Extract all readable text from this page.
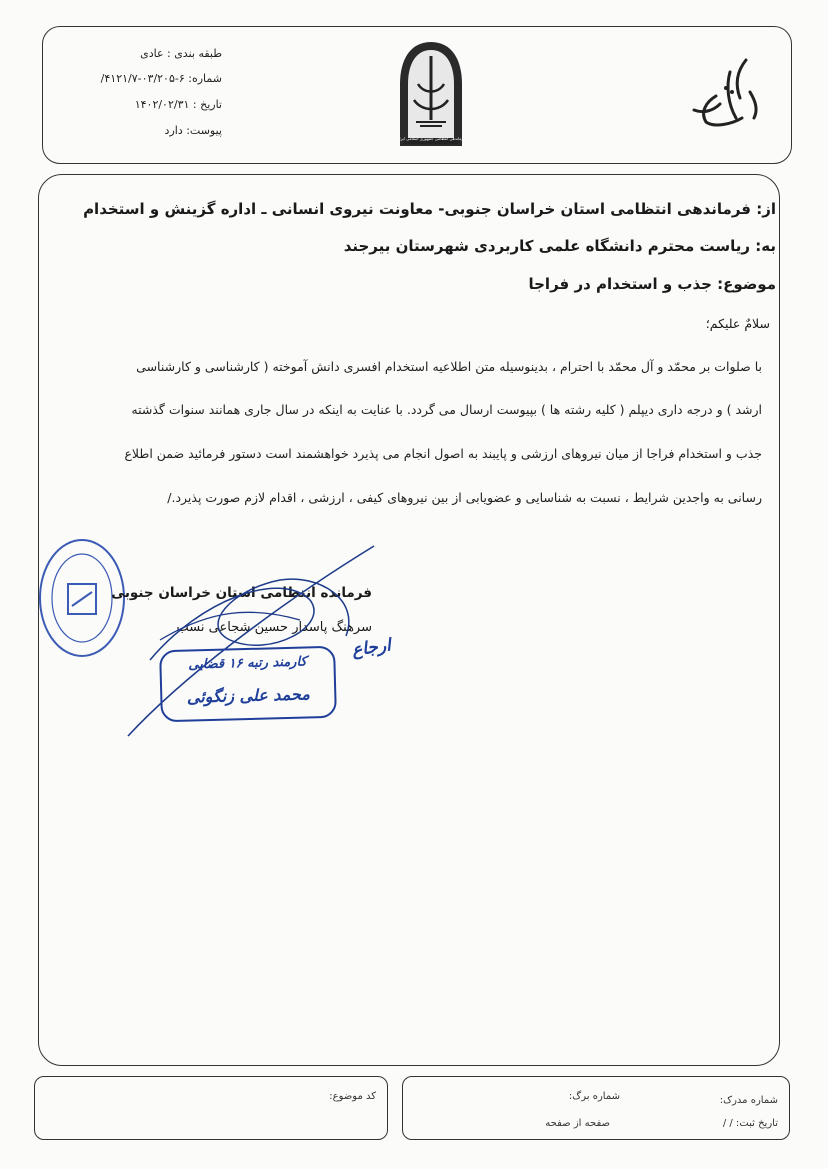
فرماندهی انتظامی جمهوری اسلامی ایران
طبقه بندی : عادی
شماره: ۶-۰۳/۲۰۵-۴۱۲۱/۷/
تاریخ : ۱۴۰۲/۰۲/۳۱
پیوست: دارد
از: فرماندهی انتظامی استان خراسان جنوبی- معاونت نیروی انسانی ـ اداره گزینش و استخدام
به: ریاست محترم دانشگاه علمی کاربردی شهرستان بیرجند
موضوع: جذب و استخدام در فراجا
سلامٌ علیکم؛
با صلوات بر محمّد و آل محمّد با احترام ، بدینوسیله متن اطلاعیه استخدام افسری دانش آموخته ( کارشناسی و کارشناسی
ارشد ) و درجه داری دیپلم ( کلیه رشته ها ) بپیوست ارسال می گردد. با عنایت به اینکه در سال جاری همانند سنوات گذشته
جذب و استخدام فراجا از میان نیروهای ارزشی و پایبند به اصول انجام می پذیرد خواهشمند است دستور فرمائید ضمن اطلاع
رسانی به واجدین شرایط ، نسبت به شناسایی و عضویابی از بین نیروهای کیفی ، ارزشی ، اقدام لازم صورت پذیرد./
فرمانده انتظامی استان خراسان جنوبی
سرهنگ پاسدار حسین شجاعی نسب
ارجاع
کارمند رتبه ۱۶ قضایی
محمد علی زنگوئی
کد موضوع:	شماره مدرک:
شماره برگ:
تاریخ ثبت: / /
صفحه از صفحه
